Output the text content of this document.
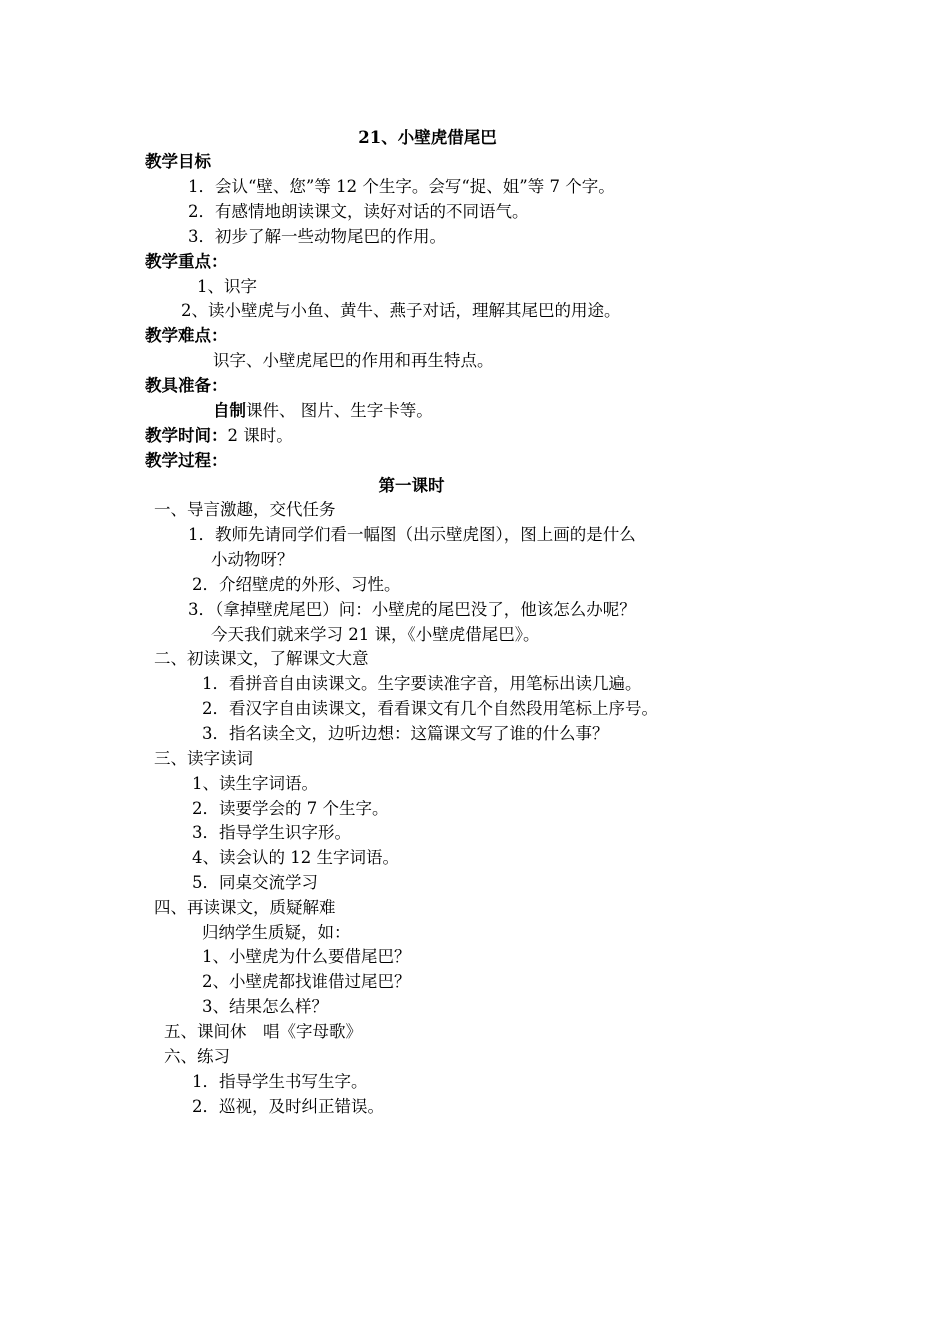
21、小壁虎借尾巴
教学目标
1．会认“壁、您”等 12 个生字。会写“捉、姐”等 7 个字。
2．有感情地朗读课文，读好对话的不同语气。
3．初步了解一些动物尾巴的作用。
教学重点：
1、识字
2、读小壁虎与小鱼、黄牛、燕子对话，理解其尾巴的用途。
教学难点：
识字、小壁虎尾巴的作用和再生特点。
教具准备：
自制课件、 图片、生字卡等。
教学时间：2 课时。
教学过程：
第一课时
一、导言激趣，交代任务
1．教师先请同学们看一幅图（出示壁虎图），图上画的是什么
小动物呀？
2．介绍壁虎的外形、习性。
3．（拿掉壁虎尾巴）问：小壁虎的尾巴没了，他该怎么办呢？
今天我们就来学习 21 课，《小壁虎借尾巴》。
二、初读课文，了解课文大意
1．看拼音自由读课文。生字要读准字音，用笔标出读几遍。
2．看汉字自由读课文，看看课文有几个自然段用笔标上序号。
3．指名读全文，边听边想：这篇课文写了谁的什么事？
三、读字读词
1、读生字词语。
2．读要学会的 7 个生字。
3．指导学生识字形。
4、读会认的 12 生字词语。
5．同桌交流学习
四、再读课文，质疑解难
归纳学生质疑，如：
1、小壁虎为什么要借尾巴？
2、小壁虎都找谁借过尾巴？
3、结果怎么样？
五、课间休　唱《字母歌》
六、练习
1．指导学生书写生字。
2．巡视，及时纠正错误。
